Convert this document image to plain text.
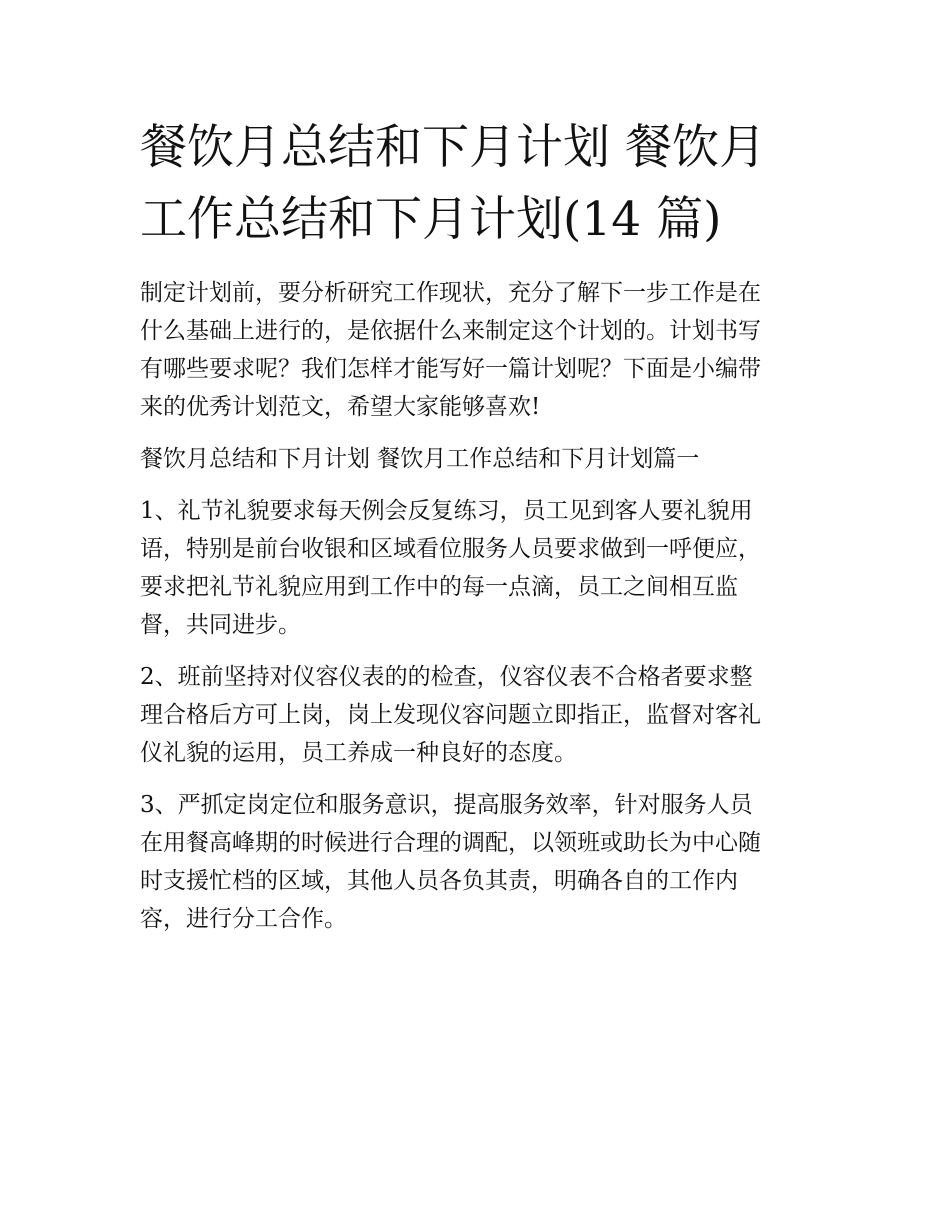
餐饮月总结和下月计划 餐饮月
工作总结和下月计划(14 篇)

制定计划前，要分析研究工作现状，充分了解下一步工作是在
什么基础上进行的，是依据什么来制定这个计划的。计划书写
有哪些要求呢？我们怎样才能写好一篇计划呢？下面是小编带
来的优秀计划范文，希望大家能够喜欢!

餐饮月总结和下月计划 餐饮月工作总结和下月计划篇一

1、礼节礼貌要求每天例会反复练习，员工见到客人要礼貌用
语，特别是前台收银和区域看位服务人员要求做到一呼便应，
要求把礼节礼貌应用到工作中的每一点滴，员工之间相互监
督，共同进步。

2、班前坚持对仪容仪表的的检查，仪容仪表不合格者要求整
理合格后方可上岗，岗上发现仪容问题立即指正，监督对客礼
仪礼貌的运用，员工养成一种良好的态度。

3、严抓定岗定位和服务意识，提高服务效率，针对服务人员
在用餐高峰期的时候进行合理的调配，以领班或助长为中心随
时支援忙档的区域，其他人员各负其责，明确各自的工作内
容，进行分工合作。
